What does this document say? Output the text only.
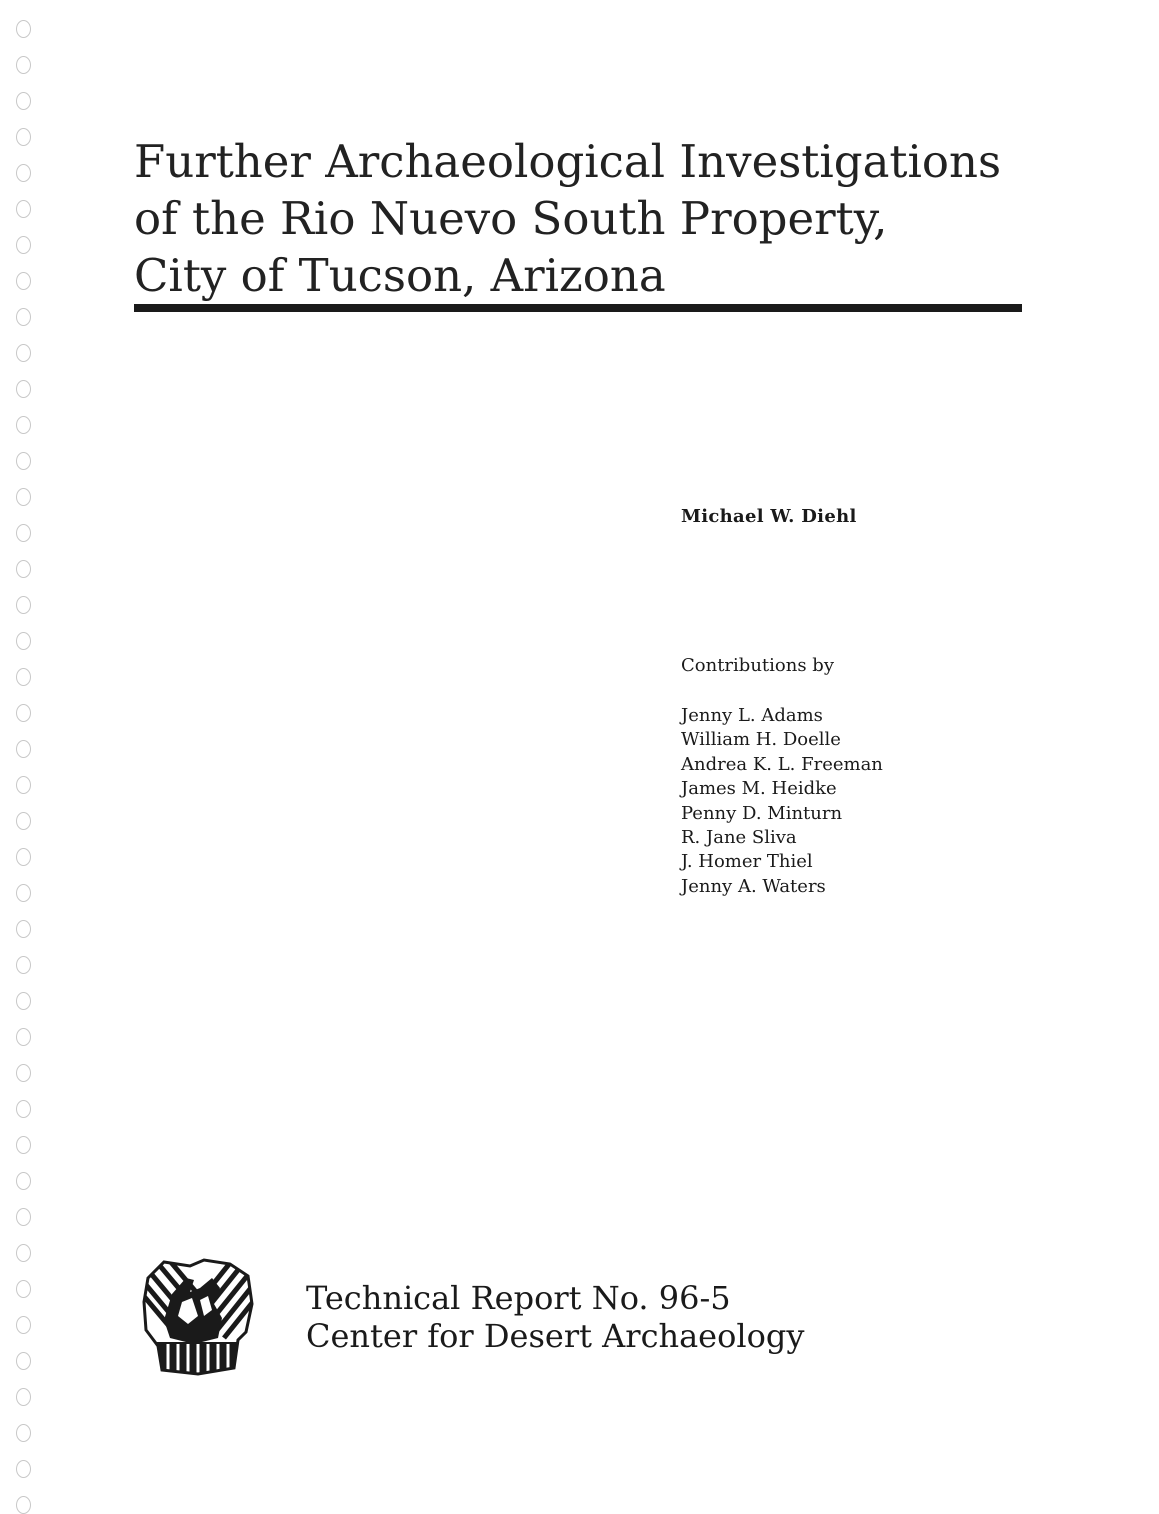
Further Archaeological Investigations
of the Rio Nuevo South Property,
City of Tucson, Arizona
Michael W. Diehl
Contributions by
Jenny L. Adams
William H. Doelle
Andrea K. L. Freeman
James M. Heidke
Penny D. Minturn
R. Jane Sliva
J. Homer Thiel
Jenny A. Waters
Technical Report No. 96-5
Center for Desert Archaeology
